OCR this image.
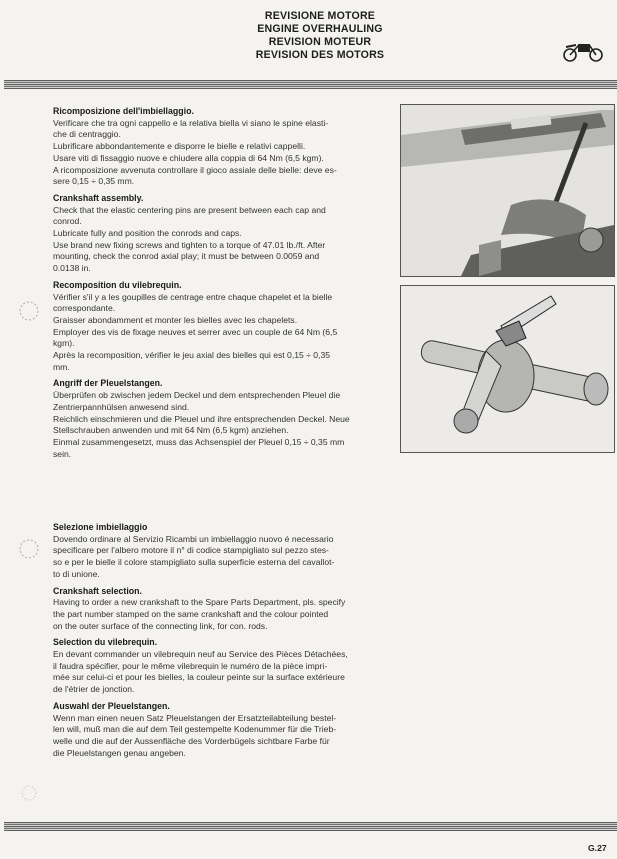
REVISIONE MOTORE
ENGINE OVERHAULING
REVISION MOTEUR
REVISION DES MOTORS
Ricomposizione dell'imbiellaggio.

Verificare che tra ogni cappello e la relativa biella vi siano le spine elasti-

che di centraggio.

Lubrificare abbondantemente e disporre le bielle e relativi cappelli.

Usare viti di fissaggio nuove e chiudere alla coppia di 64 Nm (6,5 kgm).

A ricomposizione avvenuta controllare il gioco assiale delle bielle: deve es-

sere 0,15 ÷ 0,35 mm.

Crankshaft assembly.

Check that the elastic centering pins are present between each cap and

conrod.

Lubricate fully and position the conrods and caps.

Use brand new fixing screws and tighten to a torque of 47.01 lb./ft. After

mounting, check the conrod axial play; it must be between 0.0059 and

0.0138 in.

Recomposition du vilebrequin.

Vérifier s'il y a les goupilles de centrage entre chaque chapelet et la bielle

correspondante.

Graisser abondamment et monter les bielles avec les chapelets.

Employer des vis de fixage neuves et serrer avec un couple de 64 Nm (6,5

kgm).

Après la recomposition, vérifier le jeu axial des bielles qui est 0,15 ÷ 0,35

mm.

Angriff der Pleuelstangen.

Überprüfen ob zwischen jedem Deckel und dem entsprechenden Pleuel die

Zentrierpannhülsen anwesend sind.

Reichlich einschmieren und die Pleuel und ihre entsprechenden Deckel. Neue

Stellschrauben anwenden und mit 64 Nm (6,5 kgm) anziehen.

Einmal zusammengesetzt, muss das Achsenspiel der Pleuel 0,15 ÷ 0,35 mm

sein.

Selezione imbiellaggio

Dovendo ordinare al Servizio Ricambi un imbiellaggio nuovo é necessario

specificare per l'albero motore il n° di codice stampigliato sul pezzo stes-

so e per le bielle il colore stampigliato sulla superficie esterna del cavallot-

to di unione.

Crankshaft selection.

Having to order a new crankshaft to the Spare Parts Department, pls. specify

the part number stamped on the same crankshaft and the colour pointed

on the outer surface of the connecting link, for con. rods.

Selection du vilebrequin.

En devant commander un vilebrequin neuf au Service des Pièces Détachées,

il faudra spécifier, pour le même vilebrequin le numéro de la pièce impri-

mée sur celui-ci et pour les bielles, la couleur peinte sur la surface extérieure

de l'étrier de jonction.

Auswahl der Pleuelstangen.

Wenn man einen neuen Satz Pleuelstangen der Ersatzteilabteilung bestel-

len will, muß man die auf dem Teil gestempelte Kodenummer für die Trieb-

welle und die auf der Aussenfläche des Vorderbügels sichtbare Farbe für

die Pleuelstangen genau angeben.

G.27
